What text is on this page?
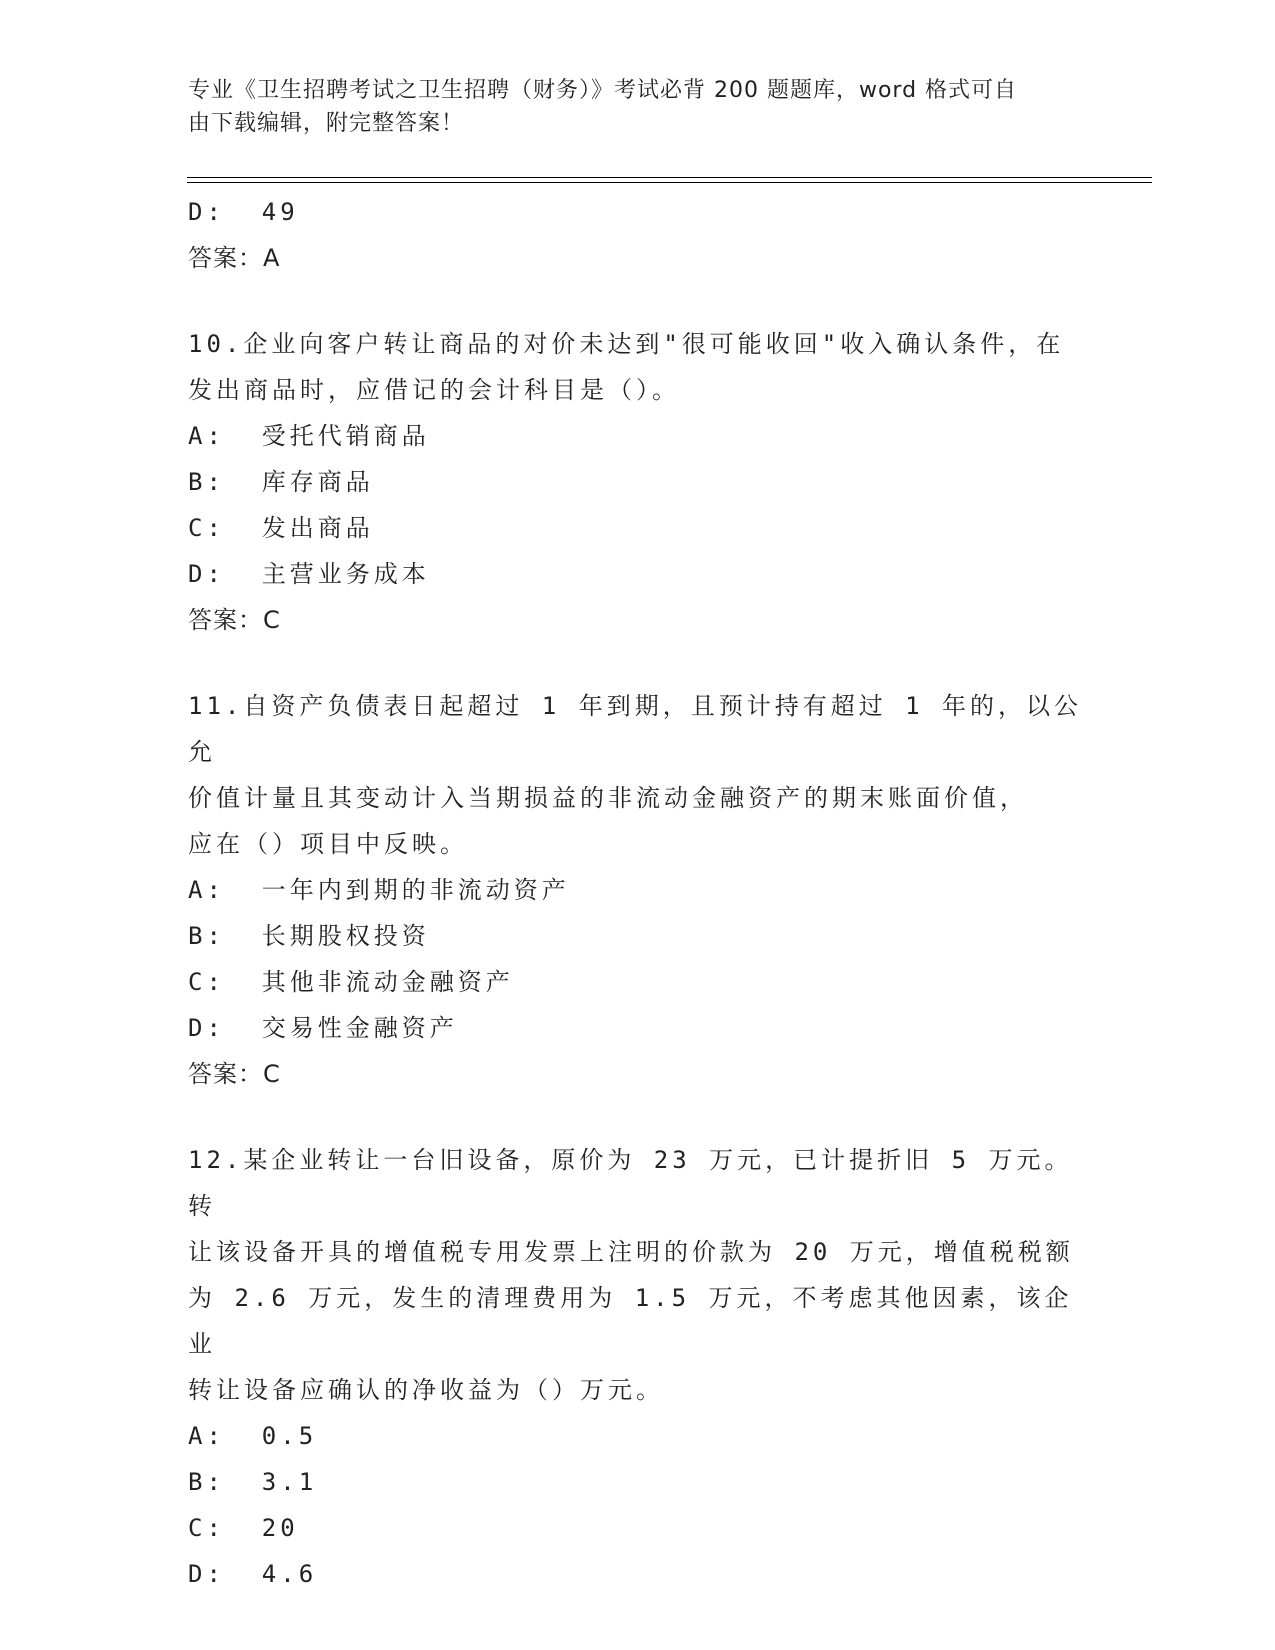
专业《卫生招聘考试之卫生招聘（财务）》考试必背 200 题题库，word 格式可自
由下载编辑，附完整答案！
D:  49
答案：A
10.企业向客户转让商品的对价未达到"很可能收回"收入确认条件，在
发出商品时，应借记的会计科目是（）。
A:  受托代销商品
B:  库存商品
C:  发出商品
D:  主营业务成本
答案：C
11.自资产负债表日起超过 1 年到期，且预计持有超过 1 年的，以公允
价值计量且其变动计入当期损益的非流动金融资产的期末账面价值，
应在（）项目中反映。
A:  一年内到期的非流动资产
B:  长期股权投资
C:  其他非流动金融资产
D:  交易性金融资产
答案：C
12.某企业转让一台旧设备，原价为 23 万元，已计提折旧 5 万元。转
让该设备开具的增值税专用发票上注明的价款为 20 万元，增值税税额
为 2.6 万元，发生的清理费用为 1.5 万元，不考虑其他因素，该企业
转让设备应确认的净收益为（）万元。
A:  0.5
B:  3.1
C:  20
D:  4.6
